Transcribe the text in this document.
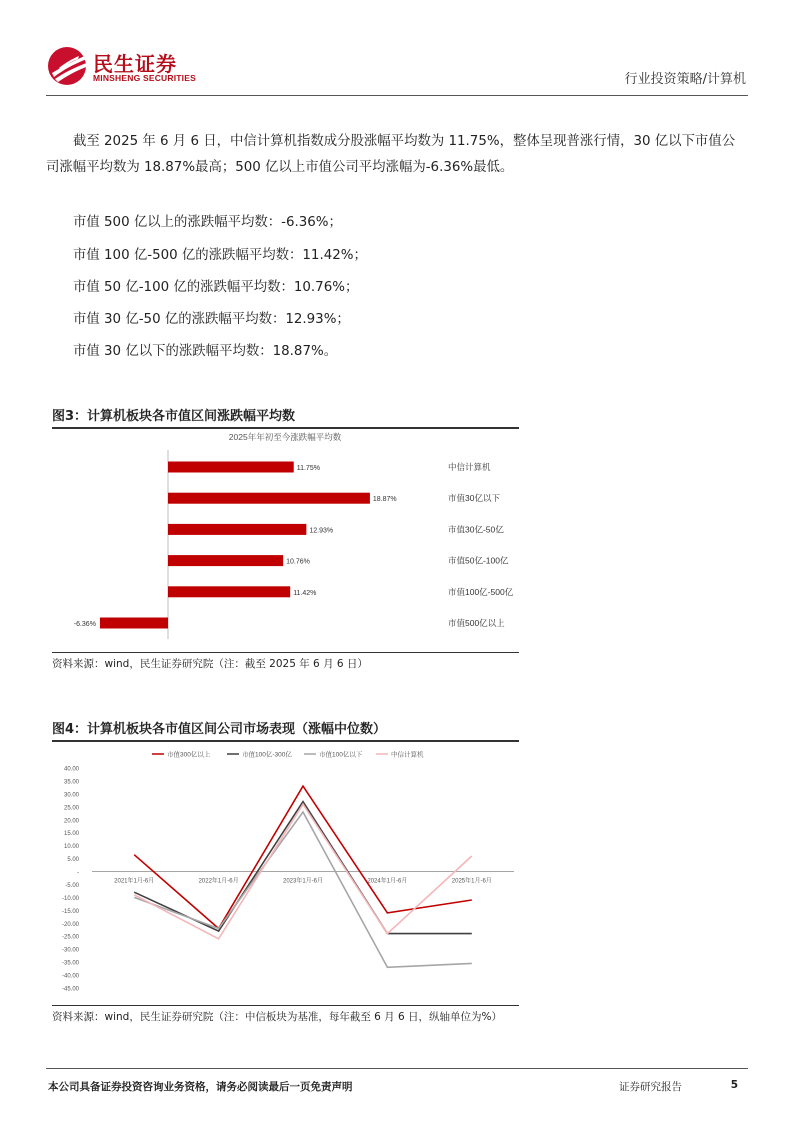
民生证券
MINSHENG SECURITIES	行业投资策略/计算机
截至 2025 年 6 月 6 日，中信计算机指数成分股涨幅平均数为 11.75%，整体呈现普涨行情，30 亿以下市值公司涨幅平均数为 18.87%最高；500 亿以上市值公司平均涨幅为-6.36%最低。
市值 500 亿以上的涨跌幅平均数：-6.36%；
市值 100 亿-500 亿的涨跌幅平均数：11.42%；
市值 50 亿-100 亿的涨跌幅平均数：10.76%；
市值 30 亿-50 亿的涨跌幅平均数：12.93%；
市值 30 亿以下的涨跌幅平均数：18.87%。
图3：计算机板块各市值区间涨跌幅平均数
2025年年初至今涨跌幅平均数
11.75%	中信计算机
18.87%	市值30亿以下
12.93%	市值30亿-50亿
10.76%	市值50亿-100亿
11.42%	市值100亿-500亿
-6.36%	市值500亿以上
资料来源：wind，民生证券研究院（注：截至 2025 年 6 月 6 日）
图4：计算机板块各市值区间公司市场表现（涨幅中位数）
市值300亿以上	市值100亿-300亿	市值100亿以下	中信计算机
40.00
35.00
30.00
25.00
20.00
15.00
10.00
5.00
-
-5.00
-10.00
-15.00
-20.00
-25.00
-30.00
-35.00
-40.00
-45.00
2021年1月-6月	2022年1月-6月	2023年1月-6月	2024年1月-6月	2025年1月-6月
资料来源：wind，民生证券研究院（注：中信板块为基准，每年截至 6 月 6 日，纵轴单位为%）
本公司具备证券投资咨询业务资格，请务必阅读最后一页免责声明	证券研究报告	5
